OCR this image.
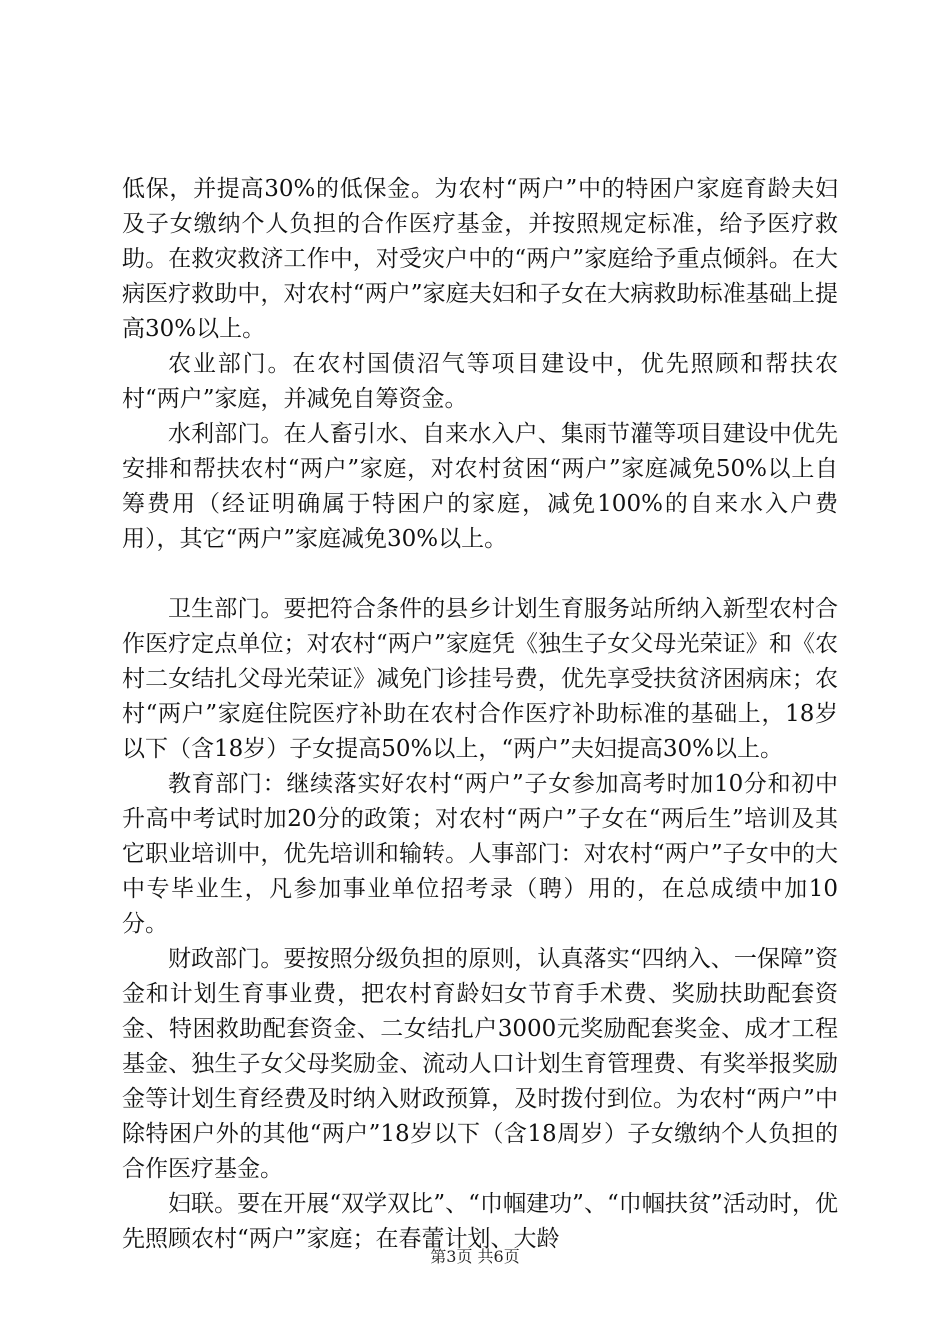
低保，并提高30%的低保金。为农村“两户”中的特困户家庭育龄夫妇及子女缴纳个人负担的合作医疗基金，并按照规定标准，给予医疗救助。在救灾救济工作中，对受灾户中的“两户”家庭给予重点倾斜。在大病医疗救助中，对农村“两户”家庭夫妇和子女在大病救助标准基础上提高30%以上。

农业部门。在农村国债沼气等项目建设中，优先照顾和帮扶农村“两户”家庭，并减免自筹资金。

水利部门。在人畜引水、自来水入户、集雨节灌等项目建设中优先安排和帮扶农村“两户”家庭，对农村贫困“两户”家庭减免50%以上自筹费用（经证明确属于特困户的家庭，减免100%的自来水入户费用），其它“两户”家庭减免30%以上。

卫生部门。要把符合条件的县乡计划生育服务站所纳入新型农村合作医疗定点单位；对农村“两户”家庭凭《独生子女父母光荣证》和《农村二女结扎父母光荣证》减免门诊挂号费，优先享受扶贫济困病床；农村“两户”家庭住院医疗补助在农村合作医疗补助标准的基础上，18岁以下（含18岁）子女提高50%以上，“两户”夫妇提高30%以上。

教育部门：继续落实好农村“两户”子女参加高考时加10分和初中升高中考试时加20分的政策；对农村“两户”子女在“两后生”培训及其它职业培训中，优先培训和输转。人事部门：对农村“两户”子女中的大中专毕业生，凡参加事业单位招考录（聘）用的，在总成绩中加10分。

财政部门。要按照分级负担的原则，认真落实“四纳入、一保障”资金和计划生育事业费，把农村育龄妇女节育手术费、奖励扶助配套资金、特困救助配套资金、二女结扎户3000元奖励配套奖金、成才工程基金、独生子女父母奖励金、流动人口计划生育管理费、有奖举报奖励金等计划生育经费及时纳入财政预算，及时拨付到位。为农村“两户”中除特困户外的其他“两户”18岁以下（含18周岁）子女缴纳个人负担的合作医疗基金。

妇联。要在开展“双学双比”、“巾帼建功”、“巾帼扶贫”活动时，优先照顾农村“两户”家庭；在春蕾计划、大龄

第3页 共6页
